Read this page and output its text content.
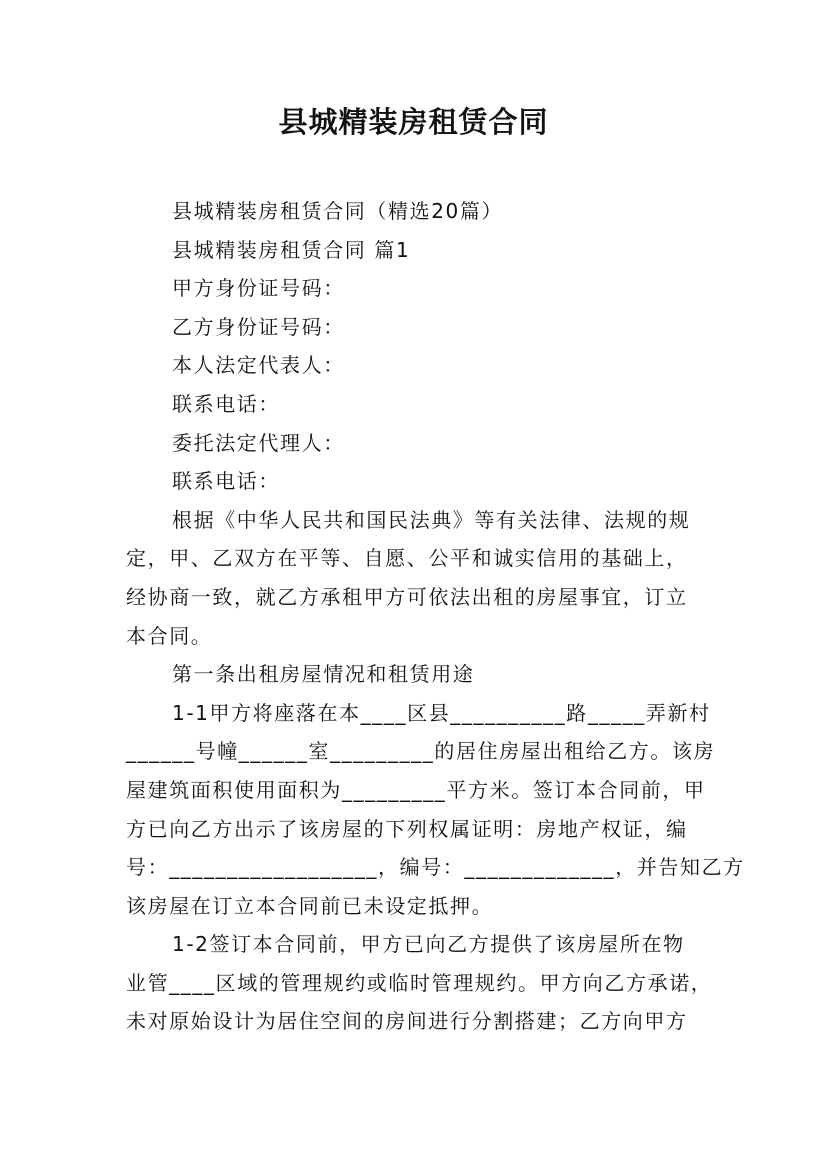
县城精装房租赁合同
县城精装房租赁合同（精选20篇）
县城精装房租赁合同 篇1
甲方身份证号码：
乙方身份证号码：
本人法定代表人：
联系电话：
委托法定代理人：
联系电话：
根据《中华人民共和国民法典》等有关法律、法规的规
定，甲、乙双方在平等、自愿、公平和诚实信用的基础上，
经协商一致，就乙方承租甲方可依法出租的房屋事宜，订立
本合同。
第一条出租房屋情况和租赁用途
1-1甲方将座落在本____区县__________路_____弄新村
______号幢______室_________的居住房屋出租给乙方。该房
屋建筑面积使用面积为_________平方米。签订本合同前，甲
方已向乙方出示了该房屋的下列权属证明：房地产权证，编
号：__________________，编号：_____________，并告知乙方
该房屋在订立本合同前已未设定抵押。
1-2签订本合同前，甲方已向乙方提供了该房屋所在物
业管____区域的管理规约或临时管理规约。甲方向乙方承诺，
未对原始设计为居住空间的房间进行分割搭建；乙方向甲方
